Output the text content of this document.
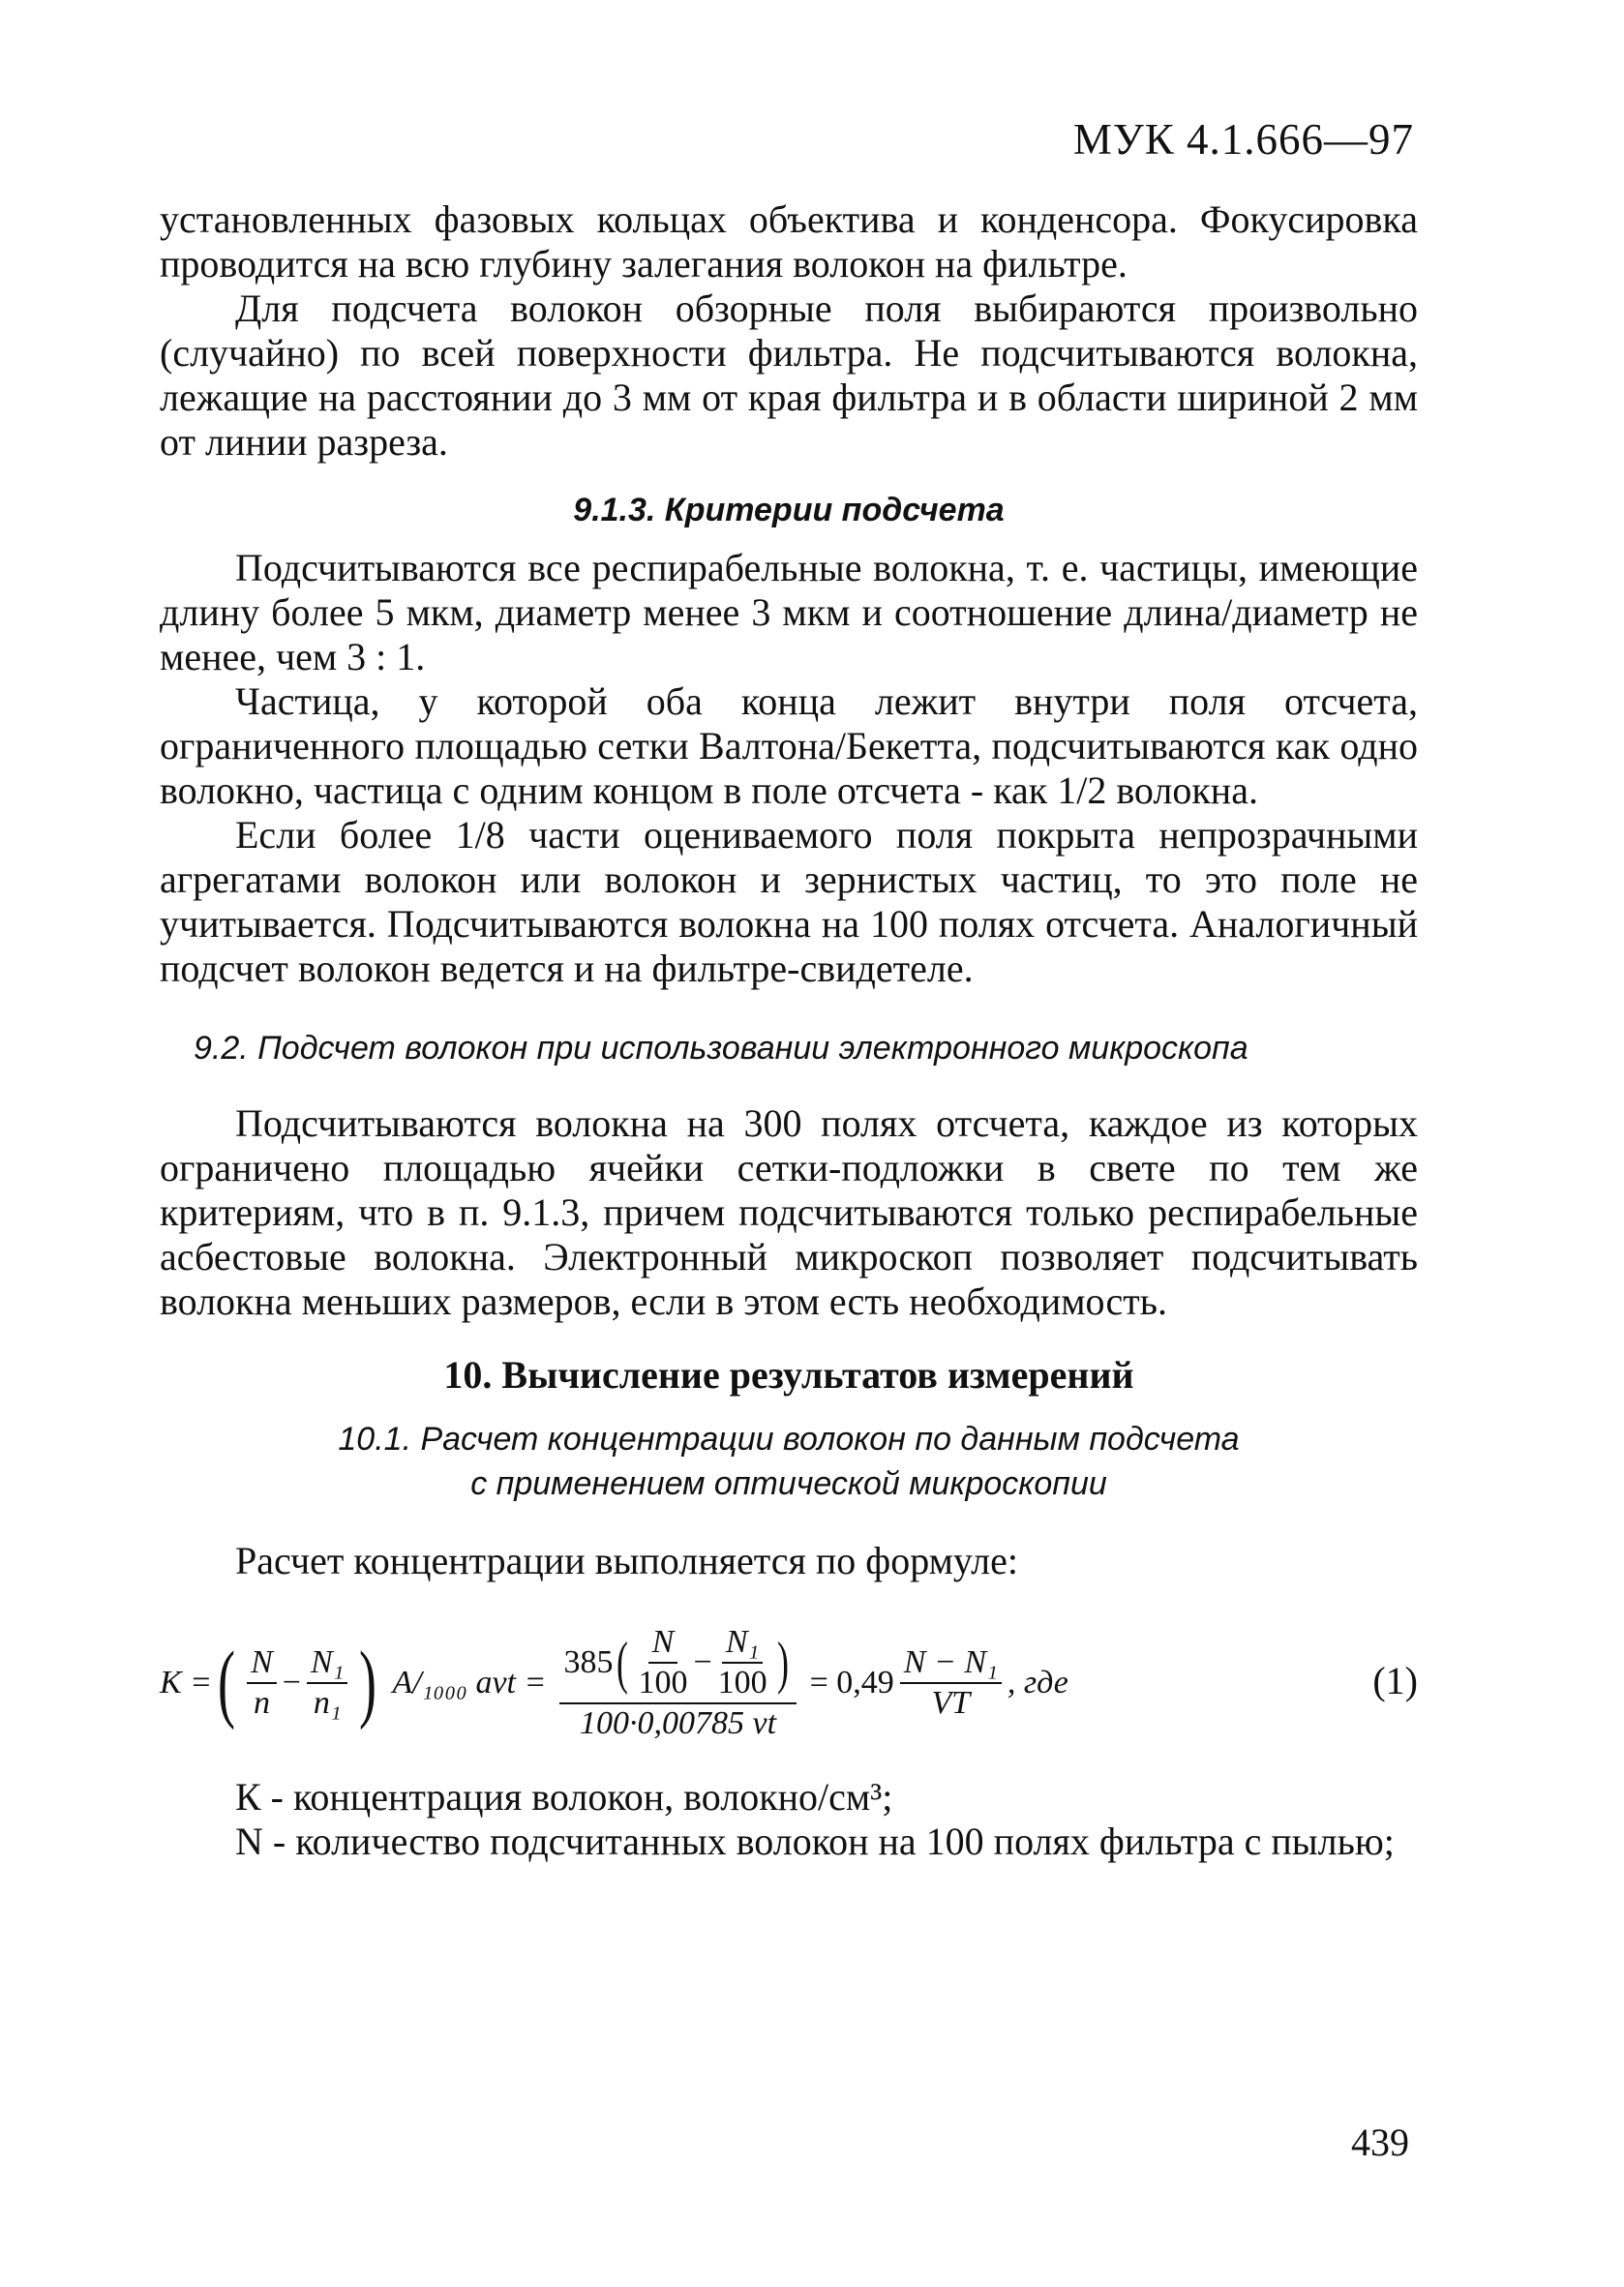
МУК 4.1.666—97

установленных фазовых кольцах объектива и конденсора. Фокусировка проводится на всю глубину залегания волокон на фильтре.

Для подсчета волокон обзорные поля выбираются произвольно (случайно) по всей поверхности фильтра. Не подсчитываются волокна, лежащие на расстоянии до 3 мм от края фильтра и в области шириной 2 мм от линии разреза.

9.1.3. Критерии подсчета

Подсчитываются все респирабельные волокна, т. е. частицы, имеющие длину более 5 мкм, диаметр менее 3 мкм и соотношение длина/диаметр не менее, чем 3 : 1.

Частица, у которой оба конца лежит внутри поля отсчета, ограниченного площадью сетки Валтона/Бекетта, подсчитываются как одно волокно, частица с одним концом в поле отсчета - как 1/2 волокна.

Если более 1/8 части оцениваемого поля покрыта непрозрачными агрегатами волокон или волокон и зернистых частиц, то это поле не учитывается. Подсчитываются волокна на 100 полях отсчета. Аналогичный подсчет волокон ведется и на фильтре-свидетеле.

9.2. Подсчет волокон при использовании электронного микроскопа

Подсчитываются волокна на 300 полях отсчета, каждое из которых ограничено площадью ячейки сетки-подложки в свете по тем же критериям, что в п. 9.1.3, причем подсчитываются только респирабельные асбестовые волокна. Электронный микроскоп позволяет подсчитывать волокна меньших размеров, если в этом есть необходимость.

10. Вычисление результатов измерений

10.1. Расчет концентрации волокон по данным подсчета

с применением оптической микроскопии

Расчет концентрации выполняется по формуле:

K = ( $\frac{N}{n} - \frac{\text{N₁}}{\text{n₁}}$ ) A/₁₀₀₀ avt =
385 ( $\frac{N}{100} - \frac{\text{N₁}}{100}$ )
100·0,00785 vt
= $0,49 \frac{\text{N − N₁}}{VT}$ , где	(1)

К - концентрация волокон, волокно/см³;

N - количество подсчитанных волокон на 100 полях фильтра с пылью;

439
